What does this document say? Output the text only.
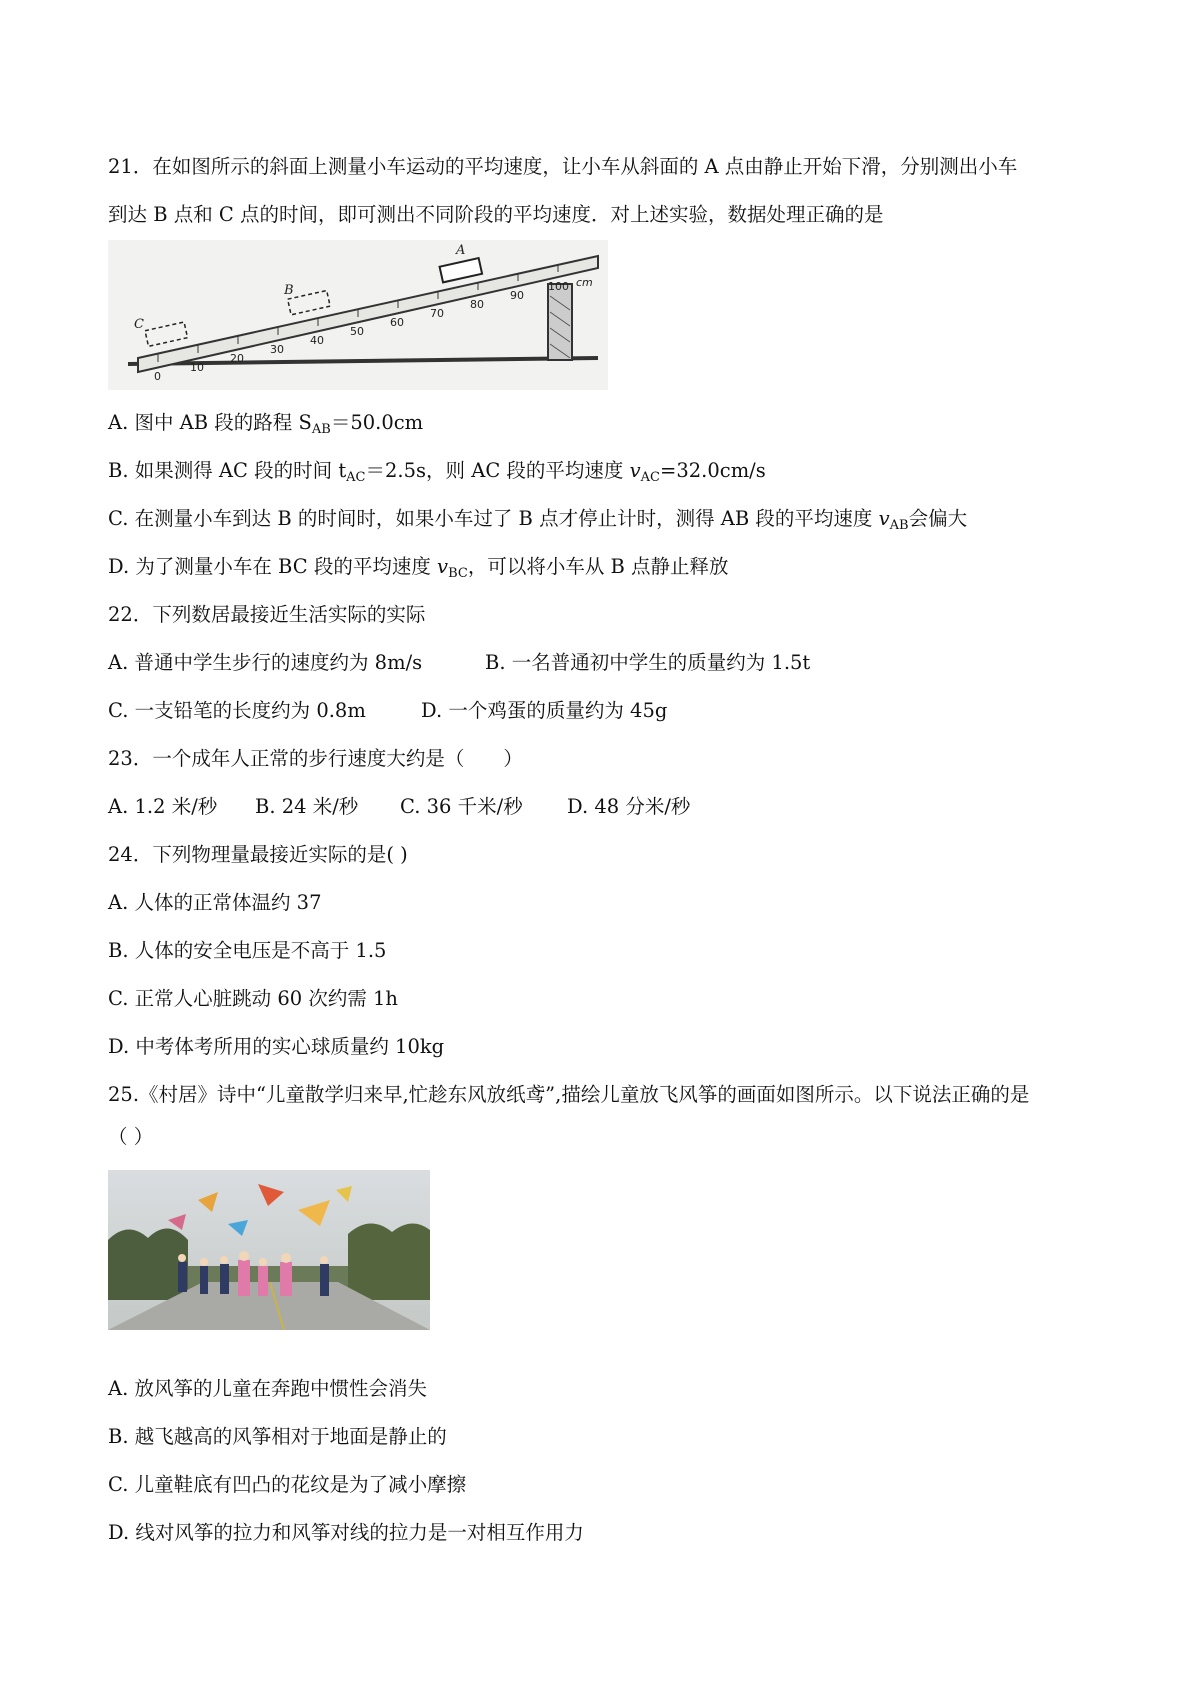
21．在如图所示的斜面上测量小车运动的平均速度，让小车从斜面的 A 点由静止开始下滑，分别测出小车
到达 B 点和 C 点的时间，即可测出不同阶段的平均速度．对上述实验，数据处理正确的是
0
10
20
30
40
50
60
70
80
90
100 cm
A
B
C
A. 图中 AB 段的路程 $S_{AB}=50.0cm$
B. 如果测得 AC 段的时间 $t_{AC}=2.5s$，则 AC 段的平均速度 $v_{AC}=32.0cm/s$
C. 在测量小车到达 B 的时间时，如果小车过了 B 点才停止计时，测得 AB 段的平均速度 $v_{AB}$会偏大
D. 为了测量小车在 BC 段的平均速度 $v_{BC}$，可以将小车从 B 点静止释放
22．下列数居最接近生活实际的实际
A. 普通中学生步行的速度约为 8m/s	B. 一名普通初中学生的质量约为 1.5t
C. 一支铅笔的长度约为 0.8m	D. 一个鸡蛋的质量约为 45g
23．一个成年人正常的步行速度大约是（　　）
A. 1.2 米/秒 B. 24 米/秒 C. 36 千米/秒 D. 48 分米/秒
24．下列物理量最接近实际的是( )
A. 人体的正常体温约 37
B. 人体的安全电压是不高于 1.5
C. 正常人心脏跳动 60 次约需 1h
D. 中考体考所用的实心球质量约 10kg
25.《村居》诗中“儿童散学归来早,忙趁东风放纸鸢”,描绘儿童放飞风筝的画面如图所示。以下说法正确的是
（ ）
A. 放风筝的儿童在奔跑中惯性会消失
B. 越飞越高的风筝相对于地面是静止的
C. 儿童鞋底有凹凸的花纹是为了减小摩擦
D. 线对风筝的拉力和风筝对线的拉力是一对相互作用力
